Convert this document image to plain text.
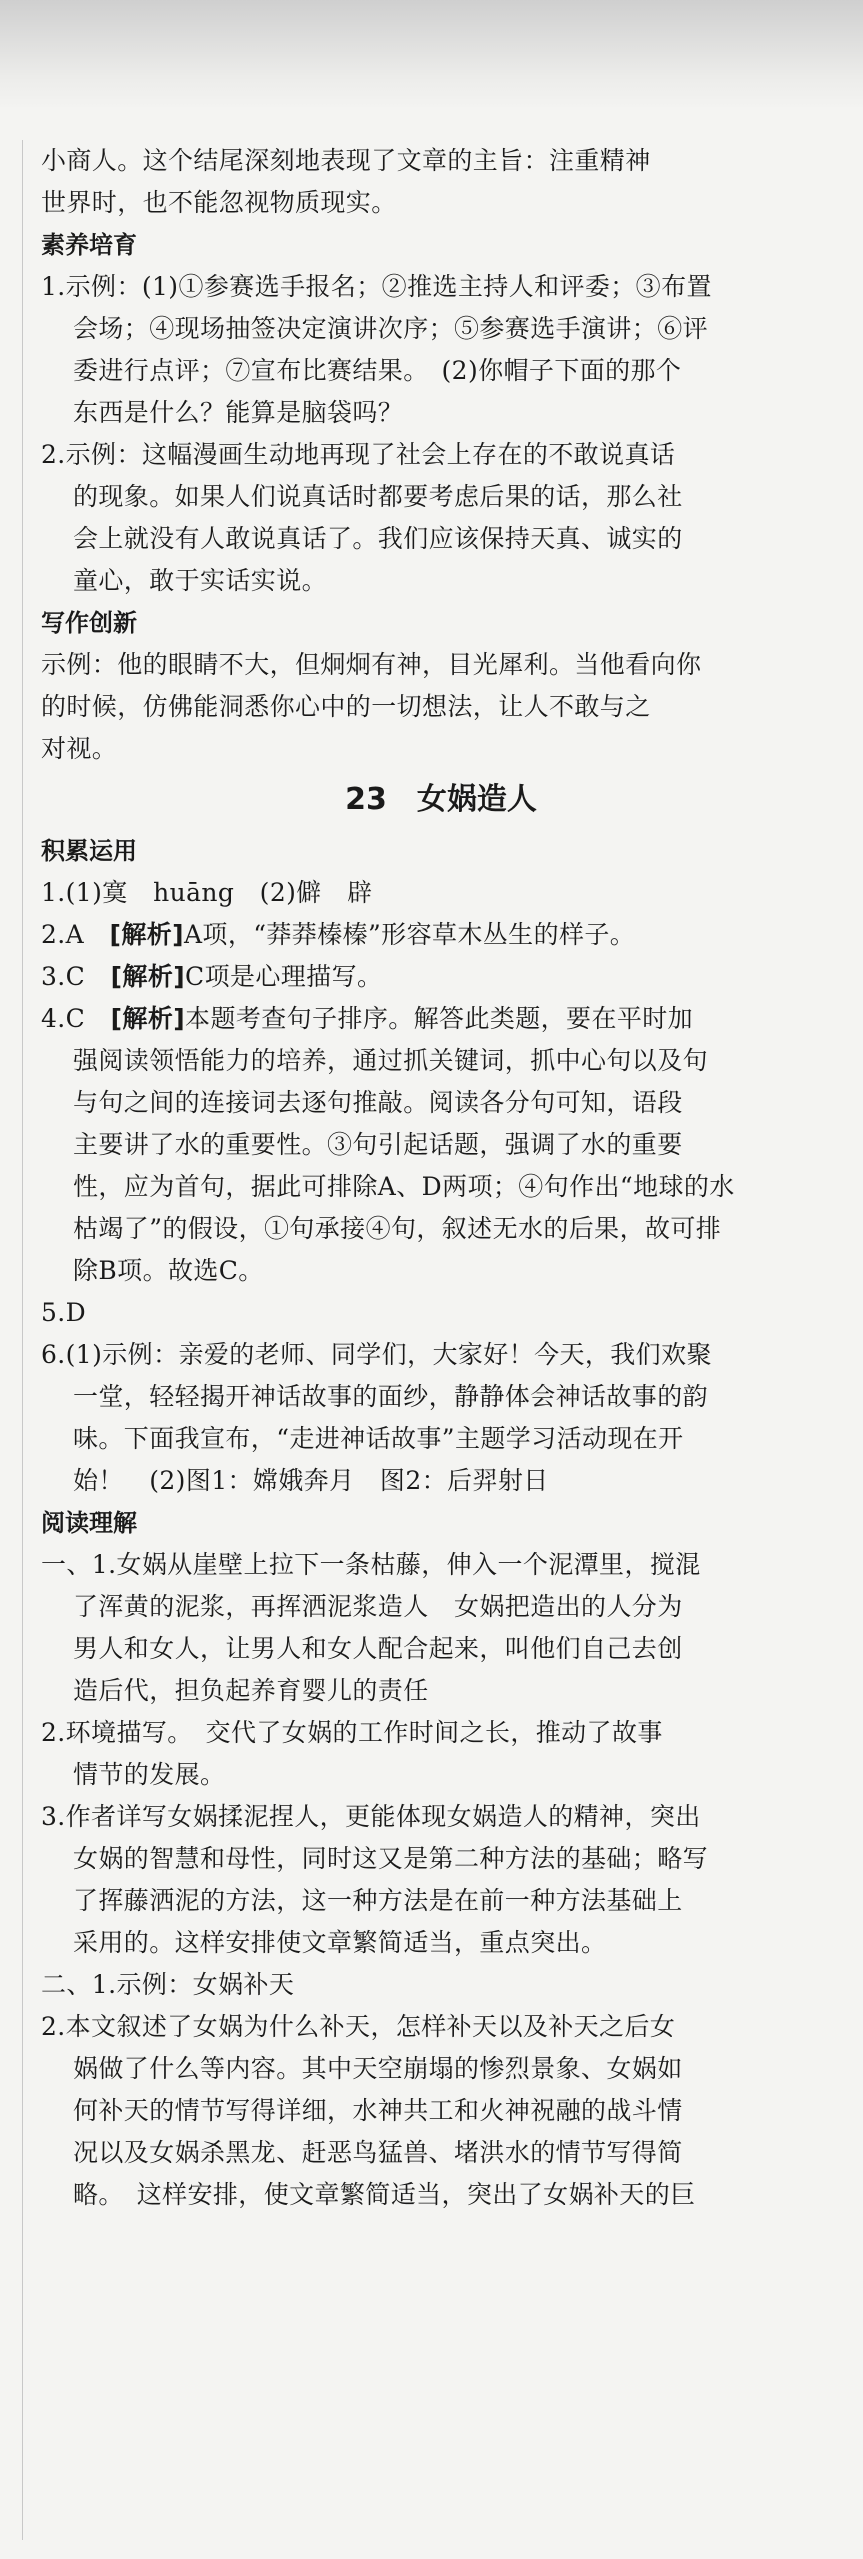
小商人。这个结尾深刻地表现了文章的主旨：注重精神
世界时，也不能忽视物质现实。
素养培育
1.示例：(1)①参赛选手报名；②推选主持人和评委；③布置
会场；④现场抽签决定演讲次序；⑤参赛选手演讲；⑥评
委进行点评；⑦宣布比赛结果。　(2)你帽子下面的那个
东西是什么？能算是脑袋吗？
2.示例：这幅漫画生动地再现了社会上存在的不敢说真话
的现象。如果人们说真话时都要考虑后果的话，那么社
会上就没有人敢说真话了。我们应该保持天真、诚实的
童心，敢于实话实说。
写作创新
示例：他的眼睛不大，但炯炯有神，目光犀利。当他看向你
的时候，仿佛能洞悉你心中的一切想法，让人不敢与之
对视。
23　女娲造人
积累运用
1.(1)寞　huāng　(2)僻　辟
2.A　[解析]A项，“莽莽榛榛”形容草木丛生的样子。
3.C　[解析]C项是心理描写。
4.C　[解析]本题考查句子排序。解答此类题，要在平时加
强阅读领悟能力的培养，通过抓关键词，抓中心句以及句
与句之间的连接词去逐句推敲。阅读各分句可知，语段
主要讲了水的重要性。③句引起话题，强调了水的重要
性，应为首句，据此可排除A、D两项；④句作出“地球的水
枯竭了”的假设，①句承接④句，叙述无水的后果，故可排
除B项。故选C。
5.D
6.(1)示例：亲爱的老师、同学们，大家好！今天，我们欢聚
一堂，轻轻揭开神话故事的面纱，静静体会神话故事的韵
味。下面我宣布，“走进神话故事”主题学习活动现在开
始！　(2)图1：嫦娥奔月　图2：后羿射日
阅读理解
一、1.女娲从崖壁上拉下一条枯藤，伸入一个泥潭里，搅混
了浑黄的泥浆，再挥洒泥浆造人　女娲把造出的人分为
男人和女人，让男人和女人配合起来，叫他们自己去创
造后代，担负起养育婴儿的责任
2.环境描写。　交代了女娲的工作时间之长，推动了故事
情节的发展。
3.作者详写女娲揉泥捏人，更能体现女娲造人的精神，突出
女娲的智慧和母性，同时这又是第二种方法的基础；略写
了挥藤洒泥的方法，这一种方法是在前一种方法基础上
采用的。这样安排使文章繁简适当，重点突出。
二、1.示例：女娲补天
2.本文叙述了女娲为什么补天，怎样补天以及补天之后女
娲做了什么等内容。其中天空崩塌的惨烈景象、女娲如
何补天的情节写得详细，水神共工和火神祝融的战斗情
况以及女娲杀黑龙、赶恶鸟猛兽、堵洪水的情节写得简
略。　这样安排，使文章繁简适当，突出了女娲补天的巨
